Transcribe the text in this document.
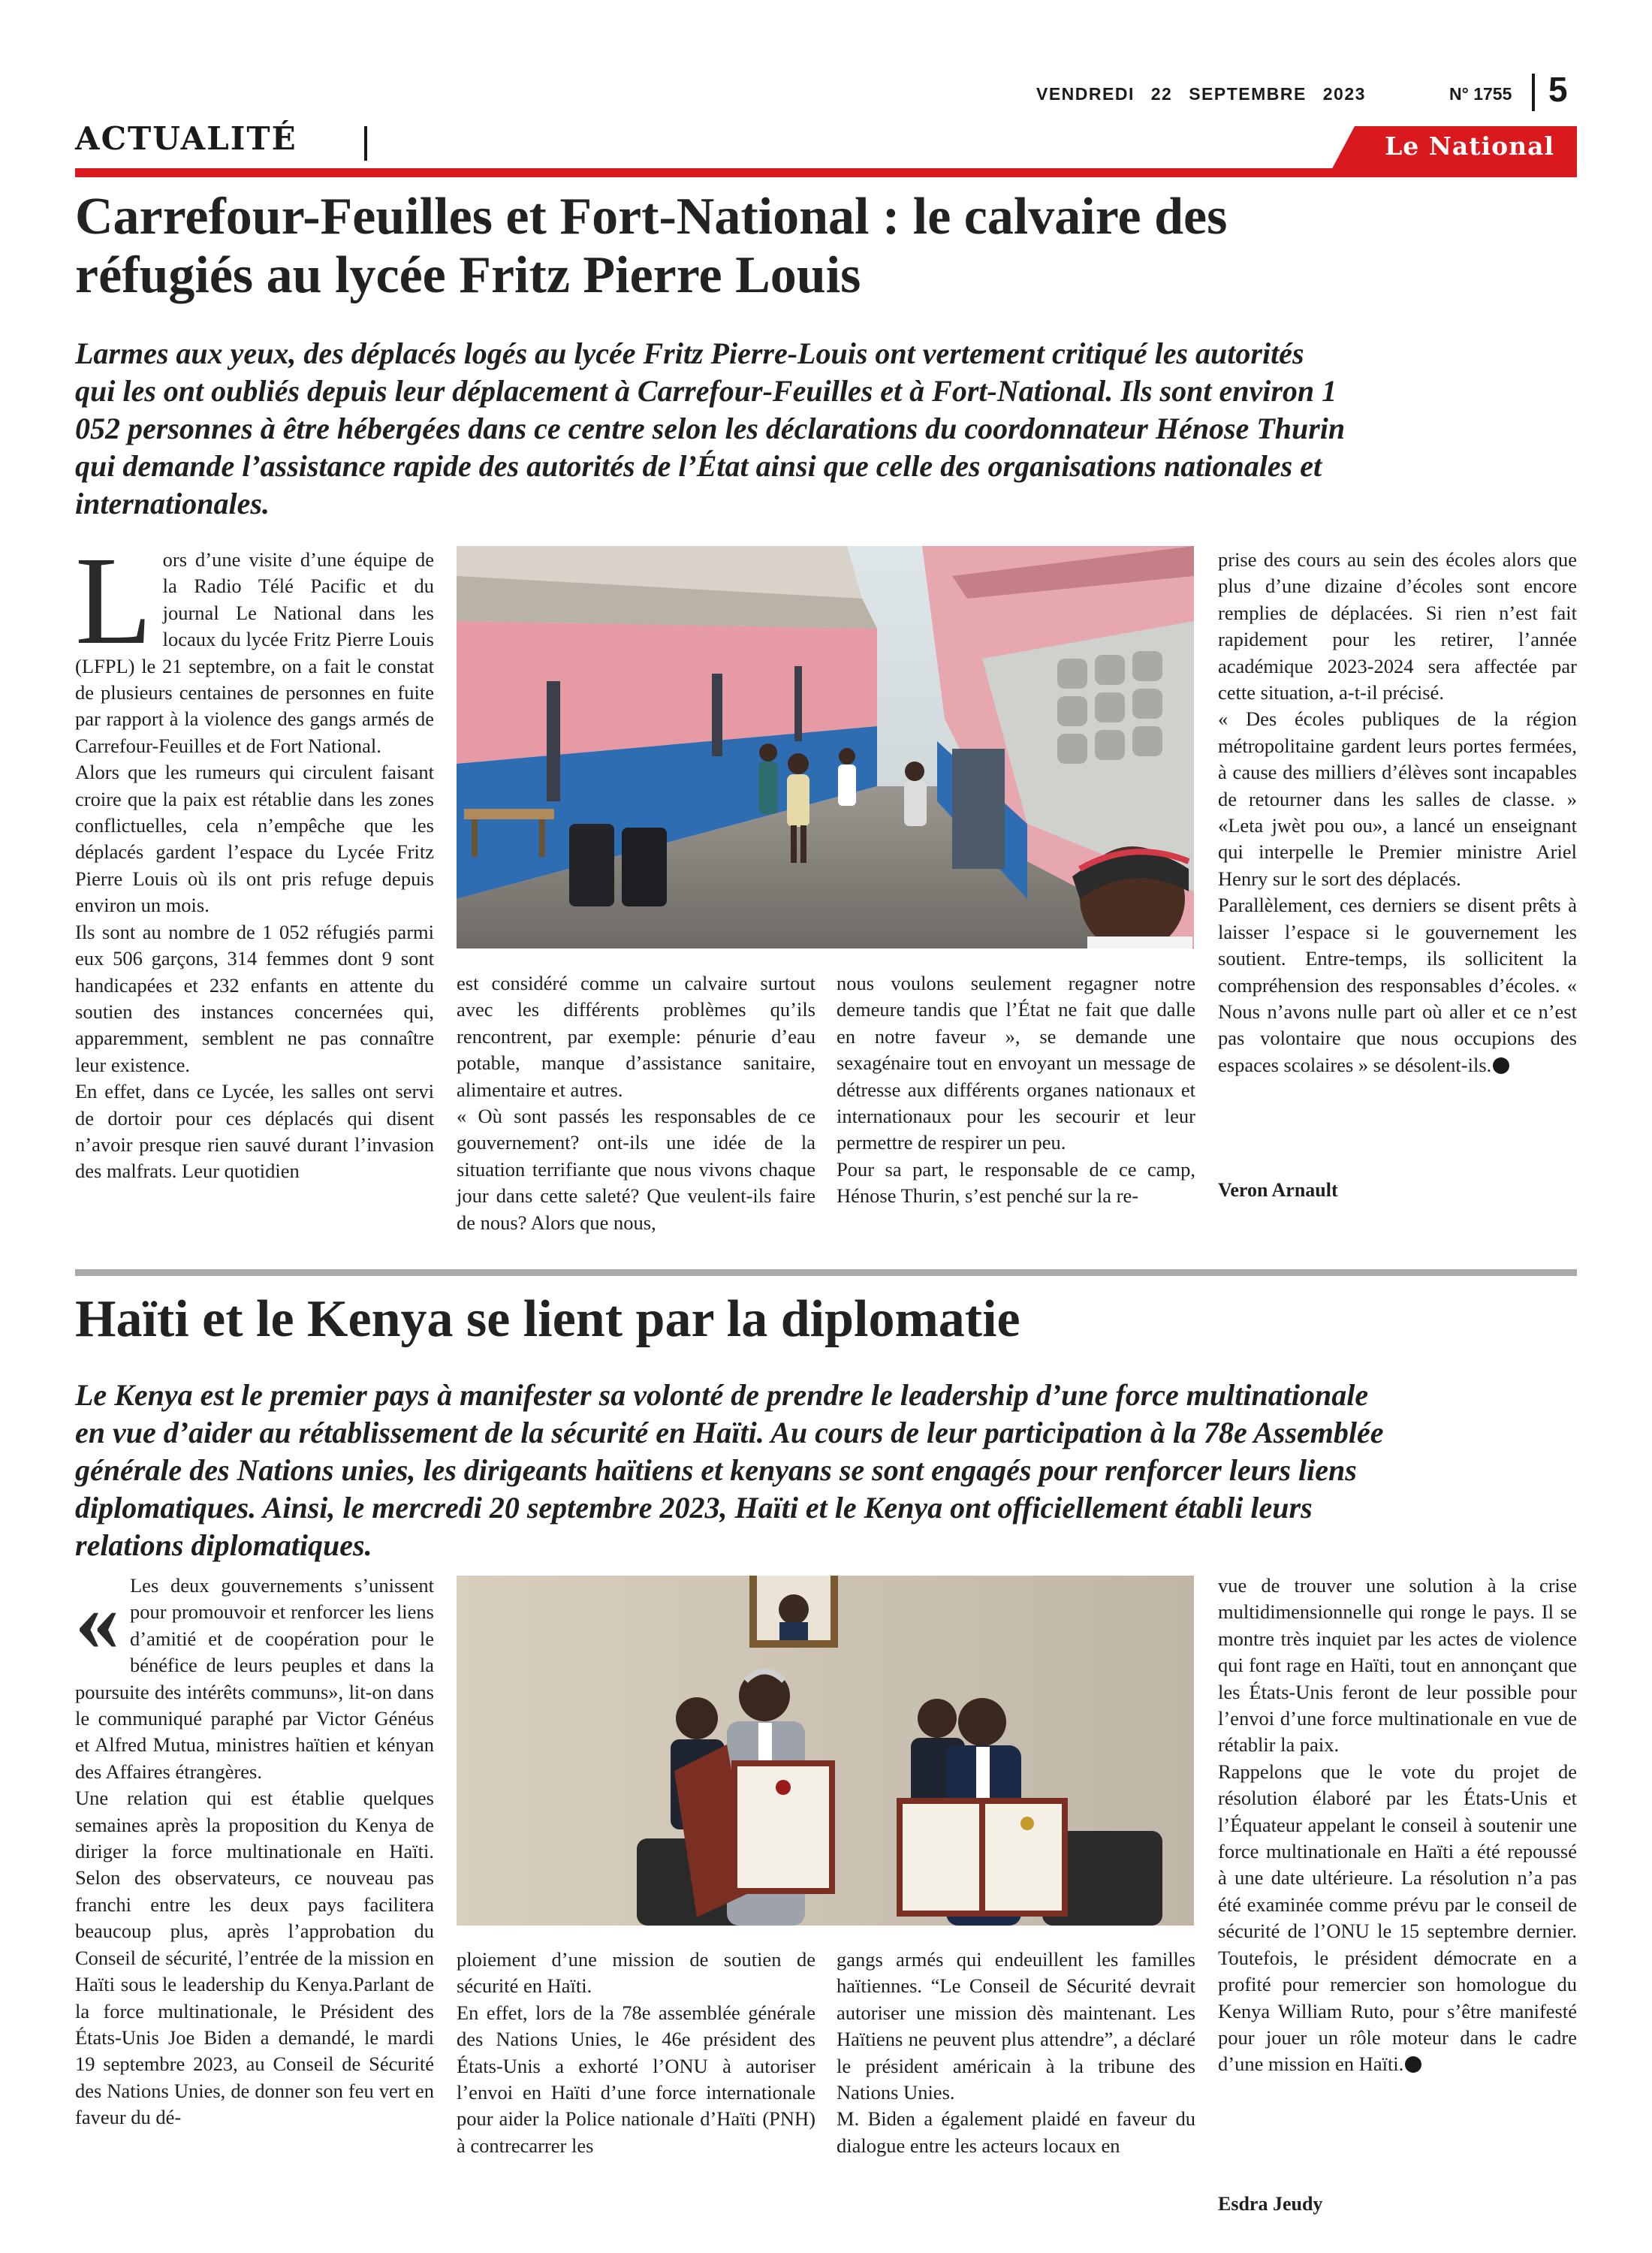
VENDREDI 22 SEPTEMBRE 2023	N° 1755 5
ACTUALITÉ	Le National
Carrefour-Feuilles et Fort-National : le calvaire des
réfugiés au lycée Fritz Pierre Louis
Larmes aux yeux, des déplacés logés au lycée Fritz Pierre-Louis ont vertement critiqué les autorités
qui les ont oubliés depuis leur déplacement à Carrefour-Feuilles et à Fort-National. Ils sont environ 1
052 personnes à être hébergées dans ce centre selon les déclarations du coordonnateur Hénose Thurin
qui demande l’assistance rapide des autorités de l’État ainsi que celle des organisations nationales et
internationales.
L ors d’une visite d’une équipe de la Radio Télé Pacific et du journal Le National dans les locaux du lycée Fritz Pierre Louis (LFPL) le 21 septembre, on a fait le constat de plusieurs centaines de personnes en fuite par rapport à la violence des gangs armés de Carrefour-Feuilles et de Fort National.

Alors que les rumeurs qui circulent faisant croire que la paix est rétablie dans les zones conflictuelles, cela n’empêche que les déplacés gardent l’espace du Lycée Fritz Pierre Louis où ils ont pris refuge depuis environ un mois.

Ils sont au nombre de 1 052 réfugiés parmi eux 506 garçons, 314 femmes dont 9 sont handicapées et 232 enfants en attente du soutien des instances concernées qui, apparemment, semblent ne pas connaître leur existence.

En effet, dans ce Lycée, les salles ont servi de dortoir pour ces déplacés qui disent n’avoir presque rien sauvé durant l’invasion des malfrats. Leur quotidien

est considéré comme un calvaire surtout avec les différents problèmes qu’ils rencontrent, par exemple: pénurie d’eau potable, manque d’assistance sanitaire, alimentaire et autres.

« Où sont passés les responsables de ce gouvernement? ont-ils une idée de la situation terrifiante que nous vivons chaque jour dans cette saleté? Que veulent-ils faire de nous? Alors que nous,

nous voulons seulement regagner notre demeure tandis que l’État ne fait que dalle en notre faveur », se demande une sexagénaire tout en envoyant un message de détresse aux différents organes nationaux et internationaux pour les secourir et leur permettre de respirer un peu.

Pour sa part, le responsable de ce camp, Hénose Thurin, s’est penché sur la re-

prise des cours au sein des écoles alors que plus d’une dizaine d’écoles sont encore remplies de déplacées. Si rien n’est fait rapidement pour les retirer, l’année académique 2023-2024 sera affectée par cette situation, a-t-il précisé.

« Des écoles publiques de la région métropolitaine gardent leurs portes fermées, à cause des milliers d’élèves sont incapables de retourner dans les salles de classe. » «Leta jwèt pou ou», a lancé un enseignant qui interpelle le Premier ministre Ariel Henry sur le sort des déplacés.

Parallèlement, ces derniers se disent prêts à laisser l’espace si le gouvernement les soutient. Entre-temps, ils sollicitent la compréhension des responsables d’écoles. « Nous n’avons nulle part où aller et ce n’est pas volontaire que nous occupions des espaces scolaires » se désolent-ils.

Veron Arnault
Haïti et le Kenya se lient par la diplomatie
Le Kenya est le premier pays à manifester sa volonté de prendre le leadership d’une force multinationale
en vue d’aider au rétablissement de la sécurité en Haïti. Au cours de leur participation à la 78e Assemblée
générale des Nations unies, les dirigeants haïtiens et kenyans se sont engagés pour renforcer leurs liens
diplomatiques. Ainsi, le mercredi 20 septembre 2023, Haïti et le Kenya ont officiellement établi leurs
relations diplomatiques.
« Les deux gouvernements s’unissent pour promouvoir et renforcer les liens d’amitié et de coopération pour le bénéfice de leurs peuples et dans la poursuite des intérêts communs», lit-on dans le communiqué paraphé par Victor Généus et Alfred Mutua, ministres haïtien et kényan des Affaires étrangères.

Une relation qui est établie quelques semaines après la proposition du Kenya de diriger la force multinationale en Haïti. Selon des observateurs, ce nouveau pas franchi entre les deux pays facilitera beaucoup plus, après l’approbation du Conseil de sécurité, l’entrée de la mission en Haïti sous le leadership du Kenya.Parlant de la force multinationale, le Président des États-Unis Joe Biden a demandé, le mardi 19 septembre 2023, au Conseil de Sécurité des Nations Unies, de donner son feu vert en faveur du dé-

ploiement d’une mission de soutien de sécurité en Haïti.

En effet, lors de la 78e assemblée générale des Nations Unies, le 46e président des États-Unis a exhorté l’ONU à autoriser l’envoi en Haïti d’une force internationale pour aider la Police nationale d’Haïti (PNH) à contrecarrer les

gangs armés qui endeuillent les familles haïtiennes. “Le Conseil de Sécurité devrait autoriser une mission dès maintenant. Les Haïtiens ne peuvent plus attendre”, a déclaré le président américain à la tribune des Nations Unies.

M. Biden a également plaidé en faveur du dialogue entre les acteurs locaux en

vue de trouver une solution à la crise multidimensionnelle qui ronge le pays. Il se montre très inquiet par les actes de violence qui font rage en Haïti, tout en annonçant que les États-Unis feront de leur possible pour l’envoi d’une force multinationale en vue de rétablir la paix.

Rappelons que le vote du projet de résolution élaboré par les États-Unis et l’Équateur appelant le conseil à soutenir une force multinationale en Haïti a été repoussé à une date ultérieure. La résolution n’a pas été examinée comme prévu par le conseil de sécurité de l’ONU le 15 septembre dernier. Toutefois, le président démocrate en a profité pour remercier son homologue du Kenya William Ruto, pour s’être manifesté pour jouer un rôle moteur dans le cadre d’une mission en Haïti.

Esdra Jeudy
